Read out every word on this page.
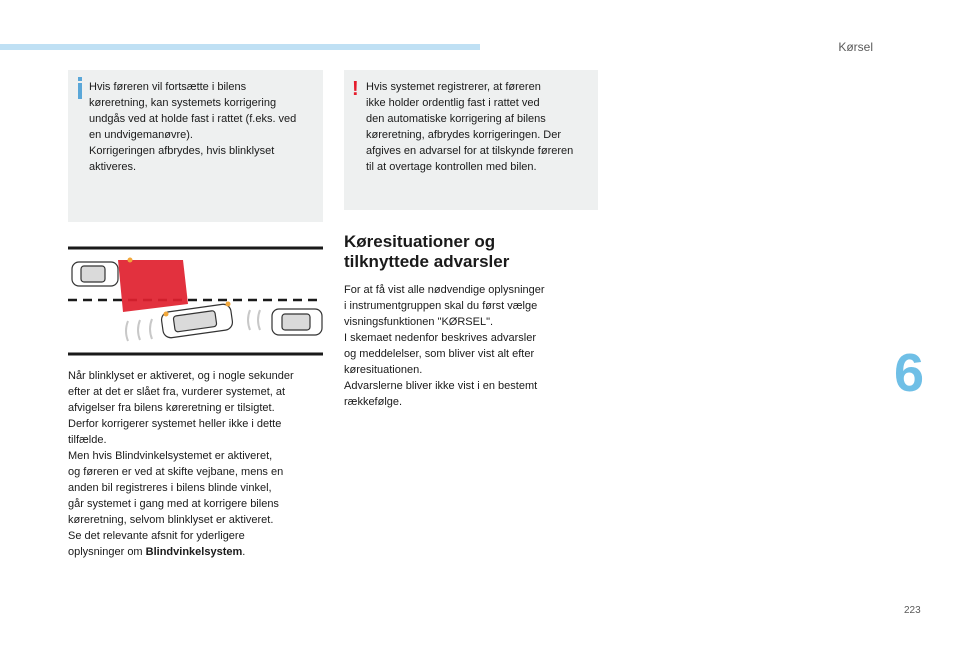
Kørsel
Hvis føreren vil fortsætte i bilens
køreretning, kan systemets korrigering
undgås ved at holde fast i rattet (f.eks. ved
en undvigemanøvre).
Korrigeringen afbrydes, hvis blinklyset
aktiveres.
! Hvis systemet registrerer, at føreren
ikke holder ordentlig fast i rattet ved
den automatiske korrigering af bilens
køreretning, afbrydes korrigeringen. Der
afgives en advarsel for at tilskynde føreren
til at overtage kontrollen med bilen.
Når blinklyset er aktiveret, og i nogle sekunder
efter at det er slået fra, vurderer systemet, at
afvigelser fra bilens køreretning er tilsigtet.
Derfor korrigerer systemet heller ikke i dette
tilfælde.
Men hvis Blindvinkelsystemet er aktiveret,
og føreren er ved at skifte vejbane, mens en
anden bil registreres i bilens blinde vinkel,
går systemet i gang med at korrigere bilens
køreretning, selvom blinklyset er aktiveret.
Se det relevante afsnit for yderligere
oplysninger om Blindvinkelsystem.
Køresituationer og
tilknyttede advarsler
For at få vist alle nødvendige oplysninger
i instrumentgruppen skal du først vælge
visningsfunktionen "KØRSEL".
I skemaet nedenfor beskrives advarsler
og meddelelser, som bliver vist alt efter
køresituationen.
Advarslerne bliver ikke vist i en bestemt
rækkefølge.	6
223
